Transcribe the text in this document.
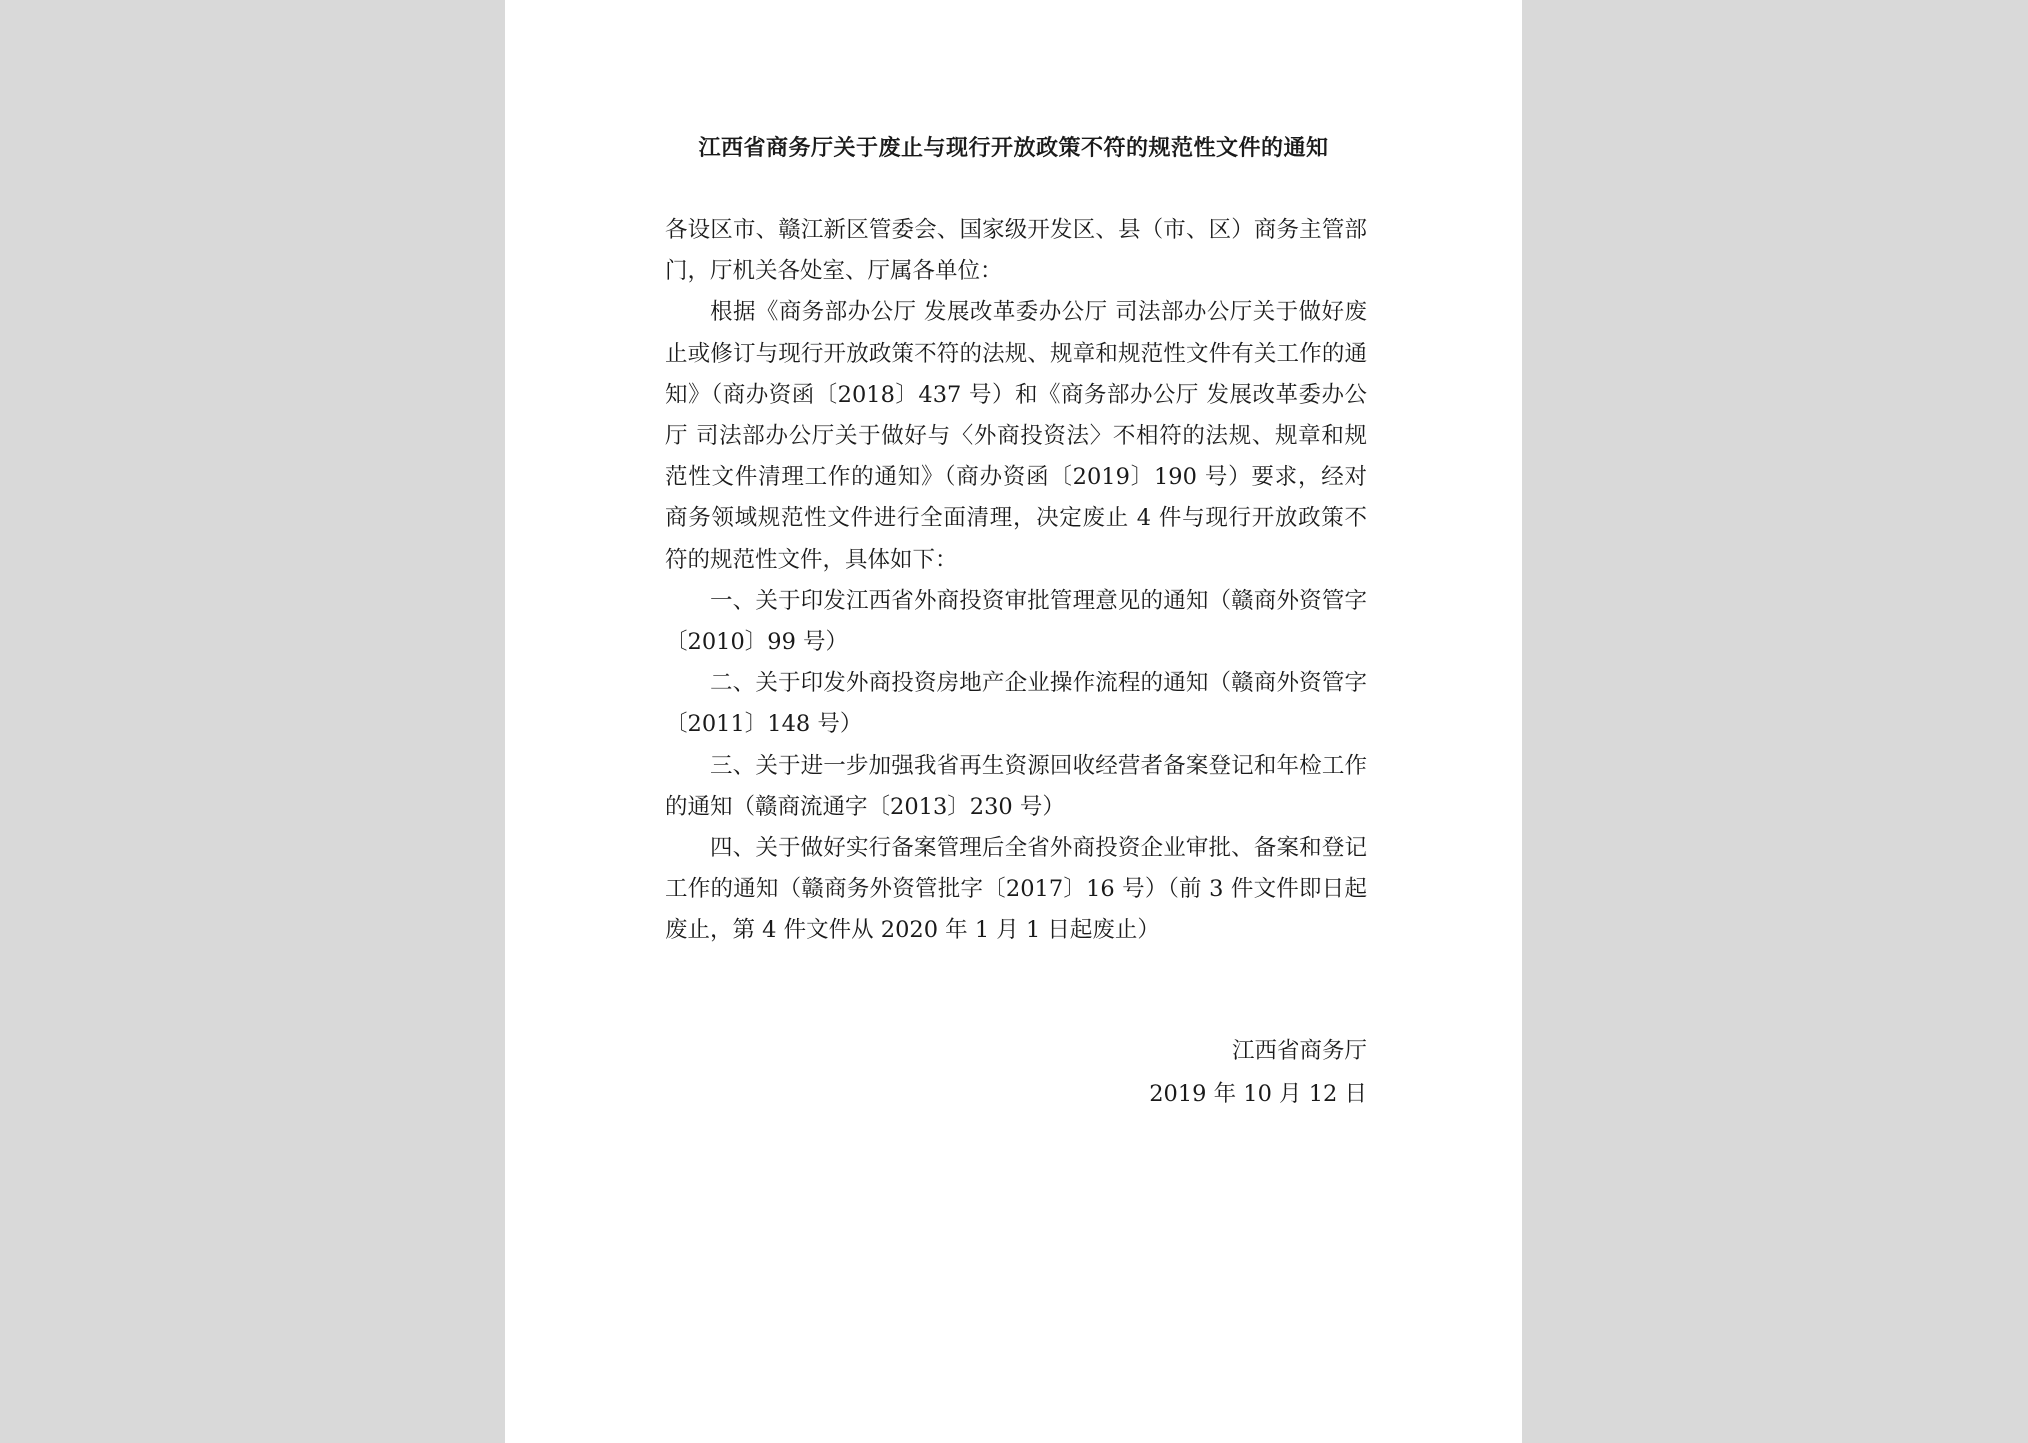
江西省商务厅关于废止与现行开放政策不符的规范性文件的通知

各设区市、赣江新区管委会、国家级开发区、县（市、区）商务主管部门，厅机关各处室、厅属各单位：

根据《商务部办公厅 发展改革委办公厅 司法部办公厅关于做好废止或修订与现行开放政策不符的法规、规章和规范性文件有关工作的通知》（商办资函〔2018〕437 号）和《商务部办公厅 发展改革委办公厅 司法部办公厅关于做好与〈外商投资法〉不相符的法规、规章和规范性文件清理工作的通知》（商办资函〔2019〕190 号）要求，经对商务领域规范性文件进行全面清理，决定废止 4 件与现行开放政策不符的规范性文件，具体如下：

一、关于印发江西省外商投资审批管理意见的通知（赣商外资管字〔2010〕99 号）

二、关于印发外商投资房地产企业操作流程的通知（赣商外资管字〔2011〕148 号）

三、关于进一步加强我省再生资源回收经营者备案登记和年检工作的通知（赣商流通字〔2013〕230 号）

四、关于做好实行备案管理后全省外商投资企业审批、备案和登记工作的通知（赣商务外资管批字〔2017〕16 号）（前 3 件文件即日起废止，第 4 件文件从 2020 年 1 月 1 日起废止）

江西省商务厅
2019 年 10 月 12 日
